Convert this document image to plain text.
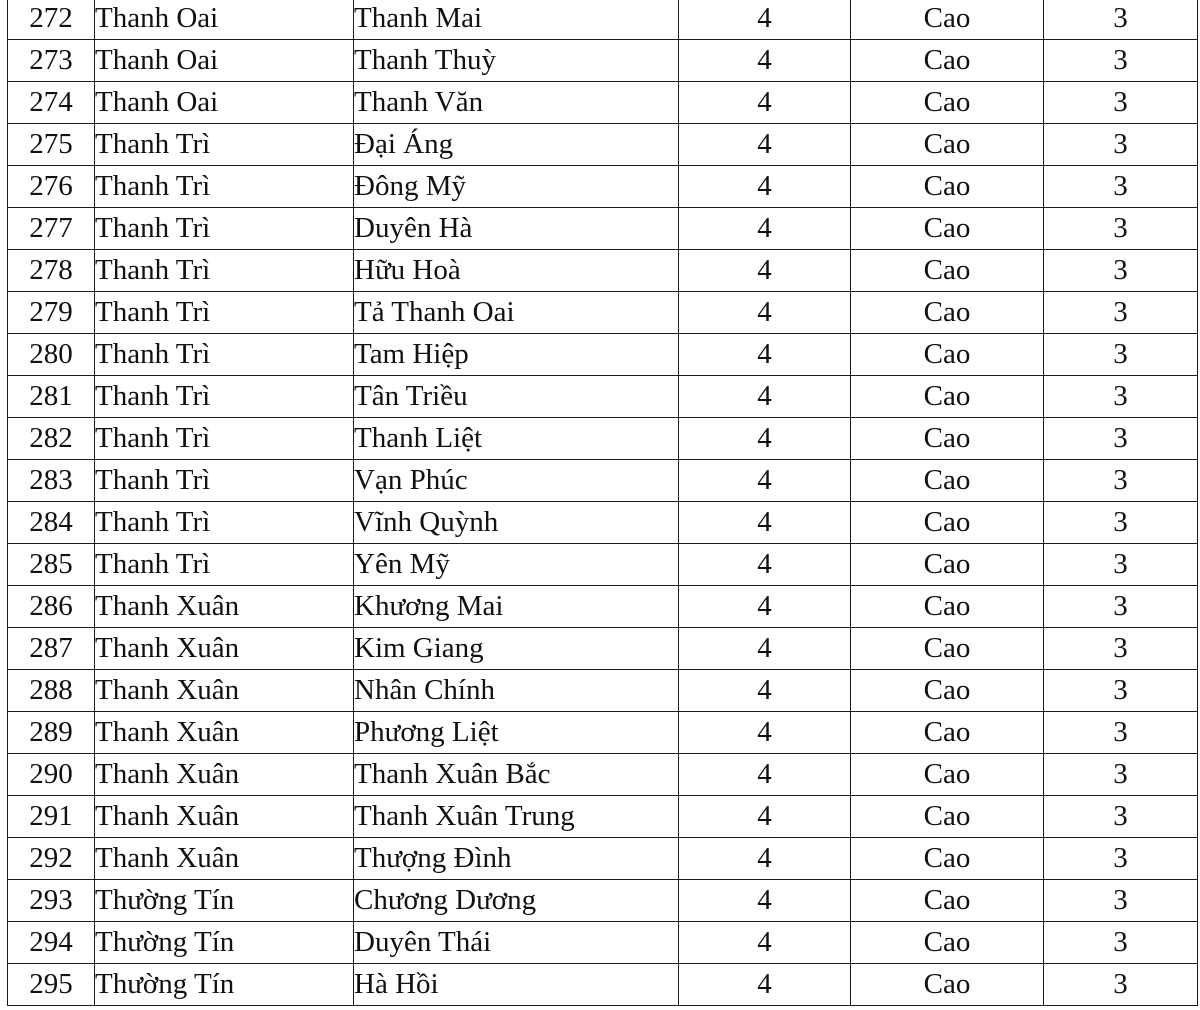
272	Thanh Oai	Thanh Mai	4	Cao	3
273	Thanh Oai	Thanh Thuỳ	4	Cao	3
274	Thanh Oai	Thanh Văn	4	Cao	3
275	Thanh Trì	Đại Áng	4	Cao	3
276	Thanh Trì	Đông Mỹ	4	Cao	3
277	Thanh Trì	Duyên Hà	4	Cao	3
278	Thanh Trì	Hữu Hoà	4	Cao	3
279	Thanh Trì	Tả Thanh Oai	4	Cao	3
280	Thanh Trì	Tam Hiệp	4	Cao	3
281	Thanh Trì	Tân Triều	4	Cao	3
282	Thanh Trì	Thanh Liệt	4	Cao	3
283	Thanh Trì	Vạn Phúc	4	Cao	3
284	Thanh Trì	Vĩnh Quỳnh	4	Cao	3
285	Thanh Trì	Yên Mỹ	4	Cao	3
286	Thanh Xuân	Khương Mai	4	Cao	3
287	Thanh Xuân	Kim Giang	4	Cao	3
288	Thanh Xuân	Nhân Chính	4	Cao	3
289	Thanh Xuân	Phương Liệt	4	Cao	3
290	Thanh Xuân	Thanh Xuân Bắc	4	Cao	3
291	Thanh Xuân	Thanh Xuân Trung	4	Cao	3
292	Thanh Xuân	Thượng Đình	4	Cao	3
293	Thường Tín	Chương Dương	4	Cao	3
294	Thường Tín	Duyên Thái	4	Cao	3
295	Thường Tín	Hà Hồi	4	Cao	3
